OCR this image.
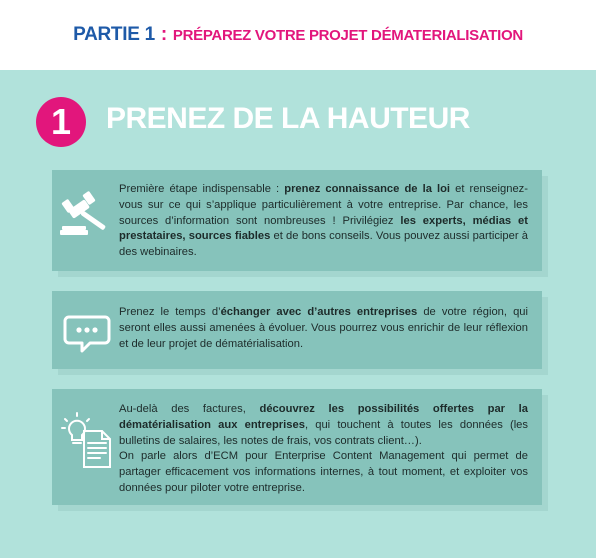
PARTIE 1 : PRÉPAREZ VOTRE PROJET DÉMATERIALISATION
1	PRENEZ DE LA HAUTEUR
Première étape indispensable : prenez connaissance de la loi et renseignez-vous sur ce qui s’applique particulièrement à votre entreprise. Par chance, les sources d’information sont nombreuses ! Privilégiez les experts, médias et prestataires, sources fiables et de bons conseils. Vous pouvez aussi participer à des webinaires.
Prenez le temps d’échanger avec d’autres entreprises de votre région, qui seront elles aussi amenées à évoluer. Vous pourrez vous enrichir de leur réflexion et de leur projet de dématérialisation.
Au-delà des factures, découvrez les possibilités offertes par la dématérialisation aux entreprises, qui touchent à toutes les données (les bulletins de salaires, les notes de frais, vos contrats client…).
On parle alors d’ECM pour Enterprise Content Management qui permet de partager efficacement vos informations internes, à tout moment, et exploiter vos données pour piloter votre entreprise.
